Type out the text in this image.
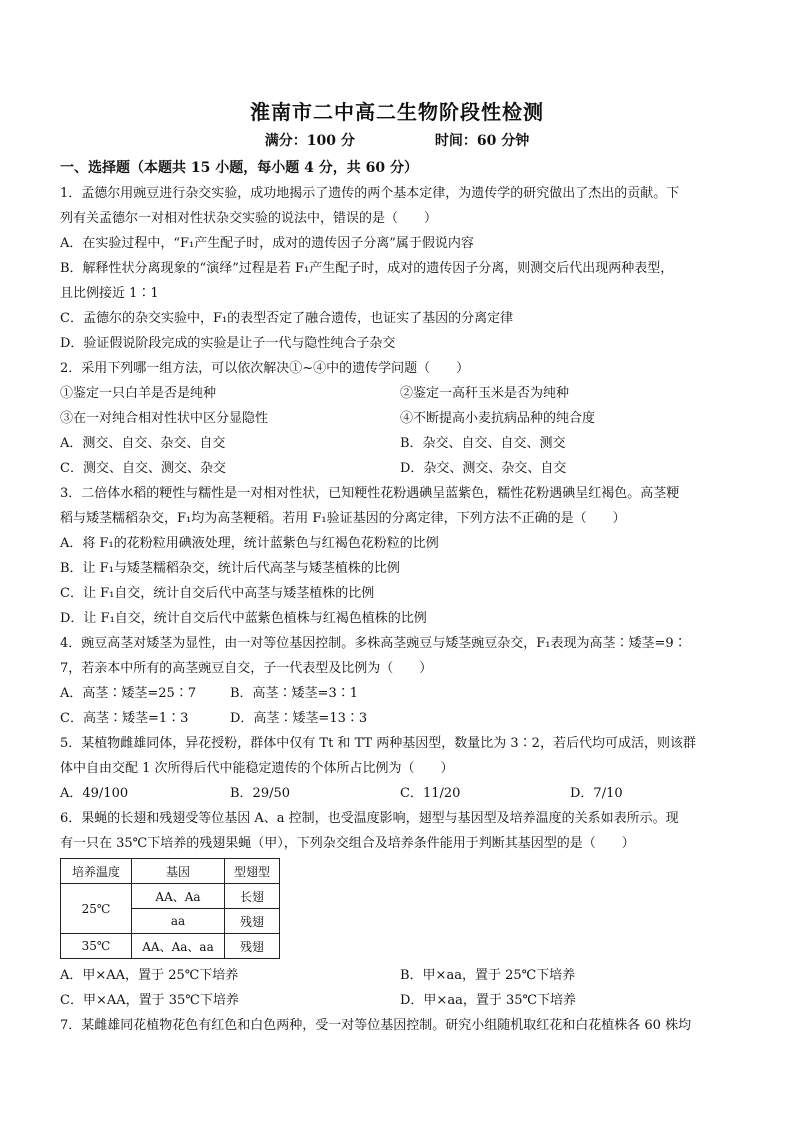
淮南市二中高二生物阶段性检测
满分：100 分	时间：60 分钟
一、选择题（本题共 15 小题，每小题 4 分，共 60 分）
1．孟德尔用豌豆进行杂交实验，成功地揭示了遗传的两个基本定律，为遗传学的研究做出了杰出的贡献。下
列有关孟德尔一对相对性状杂交实验的说法中，错误的是（　　）
A．在实验过程中，“F₁产生配子时，成对的遗传因子分离”属于假说内容
B．解释性状分离现象的“演绎”过程是若 F₁产生配子时，成对的遗传因子分离，则测交后代出现两种表型，
且比例接近 1∶1
C．孟德尔的杂交实验中，F₁的表型否定了融合遗传，也证实了基因的分离定律
D．验证假说阶段完成的实验是让子一代与隐性纯合子杂交
2．采用下列哪一组方法，可以依次解决①~④中的遗传学问题（　　）
①鉴定一只白羊是否是纯种	②鉴定一高秆玉米是否为纯种
③在一对纯合相对性状中区分显隐性	④不断提高小麦抗病品种的纯合度
A．测交、自交、杂交、自交	B．杂交、自交、自交、测交
C．测交、自交、测交、杂交	D．杂交、测交、杂交、自交
3．二倍体水稻的粳性与糯性是一对相对性状，已知粳性花粉遇碘呈蓝紫色，糯性花粉遇碘呈红褐色。高茎粳
稻与矮茎糯稻杂交，F₁均为高茎粳稻。若用 F₁验证基因的分离定律，下列方法不正确的是（　　）
A．将 F₁的花粉粒用碘液处理，统计蓝紫色与红褐色花粉粒的比例
B．让 F₁与矮茎糯稻杂交，统计后代高茎与矮茎植株的比例
C．让 F₁自交，统计自交后代中高茎与矮茎植株的比例
D．让 F₁自交，统计自交后代中蓝紫色植株与红褐色植株的比例
4．豌豆高茎对矮茎为显性，由一对等位基因控制。多株高茎豌豆与矮茎豌豆杂交，F₁表现为高茎∶矮茎=9∶
7，若亲本中所有的高茎豌豆自交，子一代表型及比例为（　　）
A．高茎∶矮茎=25∶7	B．高茎∶矮茎=3∶1
C．高茎∶矮茎=1∶3	D．高茎∶矮茎=13∶3
5．某植物雌雄同体，异花授粉，群体中仅有 Tt 和 TT 两种基因型，数量比为 3∶2，若后代均可成活，则该群
体中自由交配 1 次所得后代中能稳定遗传的个体所占比例为（　　）
A．49/100	B．29/50	C．11/20	D．7/10
6．果蝇的长翅和残翅受等位基因 A、a 控制，也受温度影响，翅型与基因型及培养温度的关系如表所示。现
有一只在 35℃下培养的残翅果蝇（甲），下列杂交组合及培养条件能用于判断其基因型的是（　　）
培养温度	基因	型翅型
25℃	AA、Aa	长翅
	aa	残翅
35℃	AA、Aa、aa	残翅
A．甲×AA，置于 25℃下培养	B．甲×aa，置于 25℃下培养
C．甲×AA，置于 35℃下培养	D．甲×aa，置于 35℃下培养
7．某雌雄同花植物花色有红色和白色两种，受一对等位基因控制。研究小组随机取红花和白花植株各 60 株均
